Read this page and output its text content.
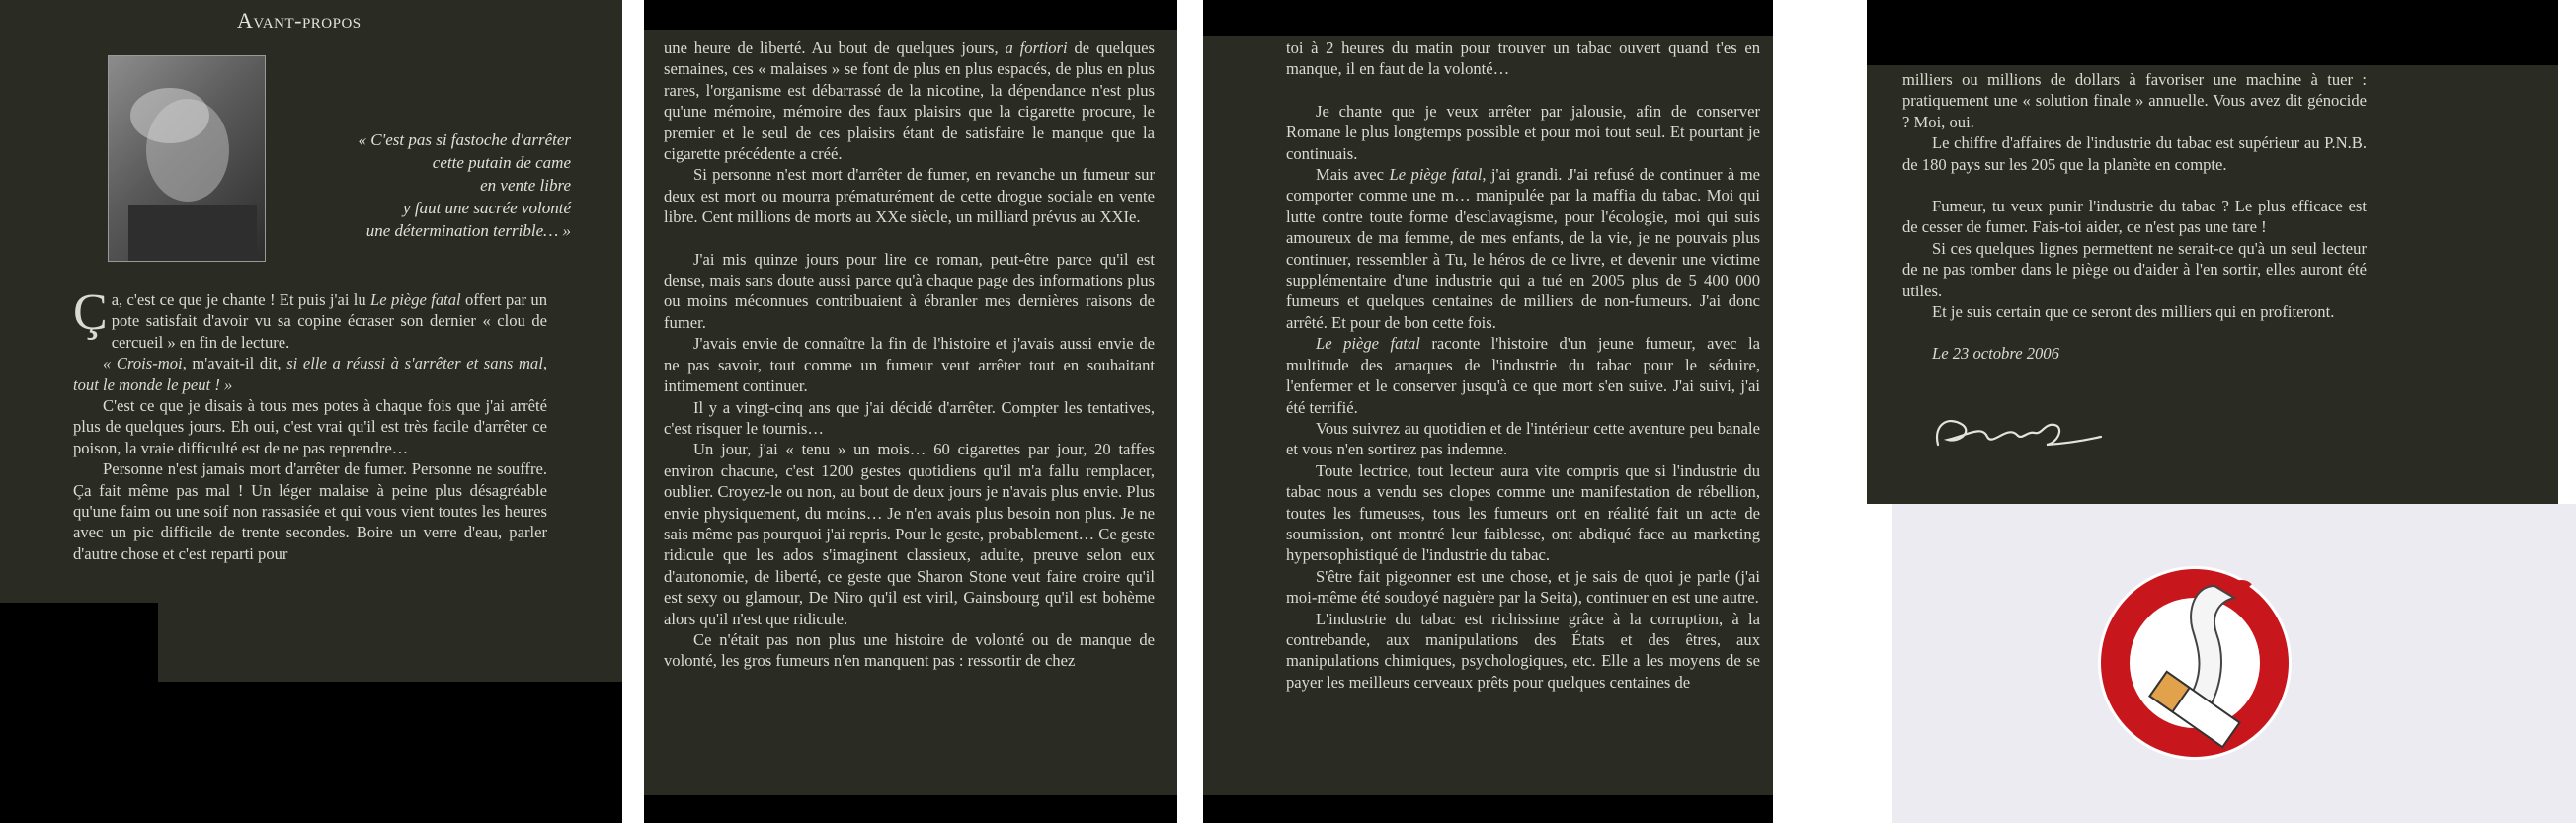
Avant-propos
« C'est pas si fastoche d'arrêter
cette putain de came
en vente libre
y faut une sacrée volonté
une détermination terrible… »

Ça, c'est ce que je chante ! Et puis j'ai lu Le piège fatal offert par un pote satisfait d'avoir vu sa copine écraser son dernier « clou de cercueil » en fin de lecture.

« Crois-moi, m'avait-il dit, si elle a réussi à s'arrêter et sans mal, tout le monde le peut ! »

C'est ce que je disais à tous mes potes à chaque fois que j'ai arrêté plus de quelques jours. Eh oui, c'est vrai qu'il est très facile d'arrêter ce poison, la vraie difficulté est de ne pas reprendre…

Personne n'est jamais mort d'arrêter de fumer. Personne ne souffre. Ça fait même pas mal ! Un léger malaise à peine plus désagréable qu'une faim ou une soif non rassasiée et qui vous vient toutes les heures avec un pic difficile de trente secondes. Boire un verre d'eau, parler d'autre chose et c'est reparti pour

une heure de liberté. Au bout de quelques jours, a fortiori de quelques semaines, ces « malaises » se font de plus en plus espacés, de plus en plus rares, l'organisme est débarrassé de la nicotine, la dépendance n'est plus qu'une mémoire, mémoire des faux plaisirs que la cigarette procure, le premier et le seul de ces plaisirs étant de satisfaire le manque que la cigarette précédente a créé.

Si personne n'est mort d'arrêter de fumer, en revanche un fumeur sur deux est mort ou mourra prématurément de cette drogue sociale en vente libre. Cent millions de morts au XXe siècle, un milliard prévus au XXIe.

J'ai mis quinze jours pour lire ce roman, peut-être parce qu'il est dense, mais sans doute aussi parce qu'à chaque page des informations plus ou moins méconnues contribuaient à ébranler mes dernières raisons de fumer.

J'avais envie de connaître la fin de l'histoire et j'avais aussi envie de ne pas savoir, tout comme un fumeur veut arrêter tout en souhaitant intimement continuer.

Il y a vingt-cinq ans que j'ai décidé d'arrêter. Compter les tentatives, c'est risquer le tournis…

Un jour, j'ai « tenu » un mois… 60 cigarettes par jour, 20 taffes environ chacune, c'est 1200 gestes quotidiens qu'il m'a fallu remplacer, oublier. Croyez-le ou non, au bout de deux jours je n'avais plus envie. Plus envie physiquement, du moins… Je n'en avais plus besoin non plus. Je ne sais même pas pourquoi j'ai repris. Pour le geste, probablement… Ce geste ridicule que les ados s'imaginent classieux, adulte, preuve selon eux d'autonomie, de liberté, ce geste que Sharon Stone veut faire croire qu'il est sexy ou glamour, De Niro qu'il est viril, Gainsbourg qu'il est bohème alors qu'il n'est que ridicule.

Ce n'était pas non plus une histoire de volonté ou de manque de volonté, les gros fumeurs n'en manquent pas : ressortir de chez

toi à 2 heures du matin pour trouver un tabac ouvert quand t'es en manque, il en faut de la volonté…

Je chante que je veux arrêter par jalousie, afin de conserver Romane le plus longtemps possible et pour moi tout seul. Et pourtant je continuais.

Mais avec Le piège fatal, j'ai grandi. J'ai refusé de continuer à me comporter comme une m… manipulée par la maffia du tabac. Moi qui lutte contre toute forme d'esclavagisme, pour l'écologie, moi qui suis amoureux de ma femme, de mes enfants, de la vie, je ne pouvais plus continuer, ressembler à Tu, le héros de ce livre, et devenir une victime supplémentaire d'une industrie qui a tué en 2005 plus de 5 400 000 fumeurs et quelques centaines de milliers de non-fumeurs. J'ai donc arrêté. Et pour de bon cette fois.

Le piège fatal raconte l'histoire d'un jeune fumeur, avec la multitude des arnaques de l'industrie du tabac pour le séduire, l'enfermer et le conserver jusqu'à ce que mort s'en suive. J'ai suivi, j'ai été terrifié.

Vous suivrez au quotidien et de l'intérieur cette aventure peu banale et vous n'en sortirez pas indemne.

Toute lectrice, tout lecteur aura vite compris que si l'industrie du tabac nous a vendu ses clopes comme une manifestation de rébellion, toutes les fumeuses, tous les fumeurs ont en réalité fait un acte de soumission, ont montré leur faiblesse, ont abdiqué face au marketing hypersophistiqué de l'industrie du tabac.

S'être fait pigeonner est une chose, et je sais de quoi je parle (j'ai moi-même été soudoyé naguère par la Seita), continuer en est une autre.

L'industrie du tabac est richissime grâce à la corruption, à la contrebande, aux manipulations des États et des êtres, aux manipulations chimiques, psychologiques, etc. Elle a les moyens de se payer les meilleurs cerveaux prêts pour quelques centaines de

milliers ou millions de dollars à favoriser une machine à tuer : pratiquement une « solution finale » annuelle. Vous avez dit génocide ? Moi, oui.

Le chiffre d'affaires de l'industrie du tabac est supérieur au P.N.B. de 180 pays sur les 205 que la planète en compte.

Fumeur, tu veux punir l'industrie du tabac ? Le plus efficace est de cesser de fumer. Fais-toi aider, ce n'est pas une tare !

Si ces quelques lignes permettent ne serait-ce qu'à un seul lecteur de ne pas tomber dans le piège ou d'aider à l'en sortir, elles auront été utiles.

Et je suis certain que ce seront des milliers qui en profiteront.

Le 23 octobre 2006
